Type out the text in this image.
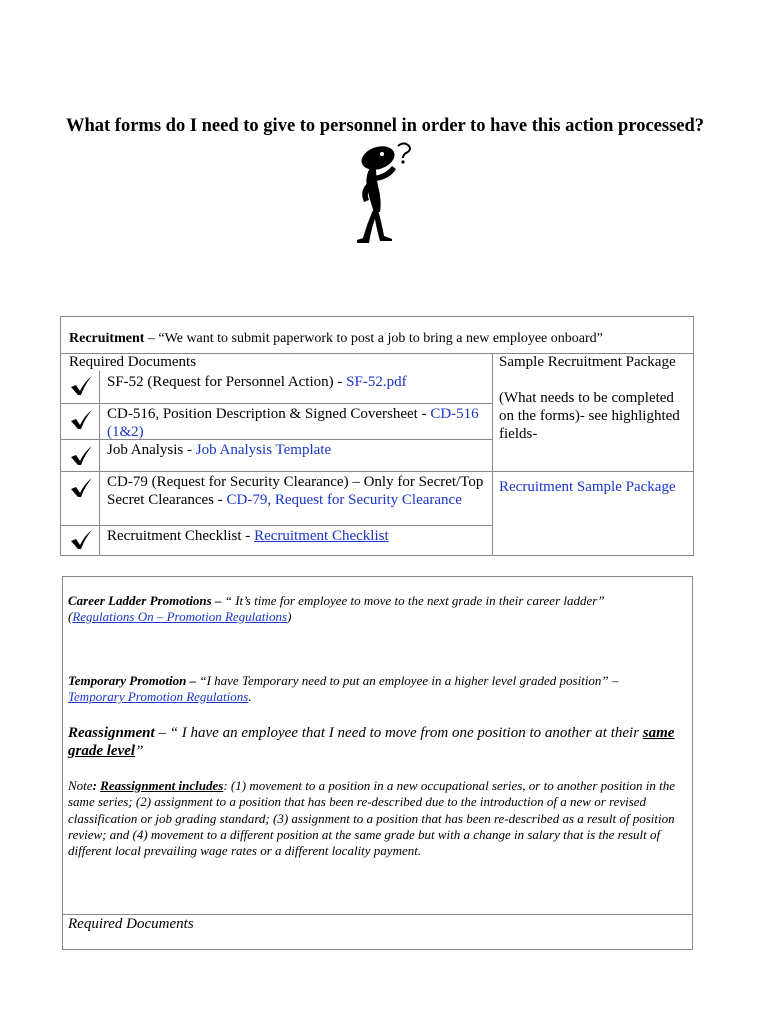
What forms do I need to give to personnel in order to have this action processed?
Recruitment – “We want to submit paperwork to post a job to bring a new employee onboard”
Required Documents	Sample Recruitment Package
(What needs to be completed on the forms)- see highlighted fields-
Recruitment Sample Package
SF-52 (Request for Personnel Action) - SF-52.pdf
CD-516, Position Description & Signed Coversheet - CD-516 (1&2)
Job Analysis - Job Analysis Template
CD-79 (Request for Security Clearance) – Only for Secret/Top Secret Clearances - CD-79, Request for Security Clearance
Recruitment Checklist - Recruitment Checklist
Career Ladder Promotions – “ It’s time for employee to move to the next grade in their career ladder”
(Regulations On – Promotion Regulations)
Temporary Promotion – “I have Temporary need to put an employee in a higher level graded position” –
Temporary Promotion Regulations.
Reassignment – “ I have an employee that I need to move from one position to another at their same grade level”
Note: Reassignment includes: (1) movement to a position in a new occupational series, or to another position in the same series; (2) assignment to a position that has been re-described due to the introduction of a new or revised classification or job grading standard; (3) assignment to a position that has been re-described as a result of position review; and (4) movement to a different position at the same grade but with a change in salary that is the result of different local prevailing wage rates or a different locality payment.
Required Documents
